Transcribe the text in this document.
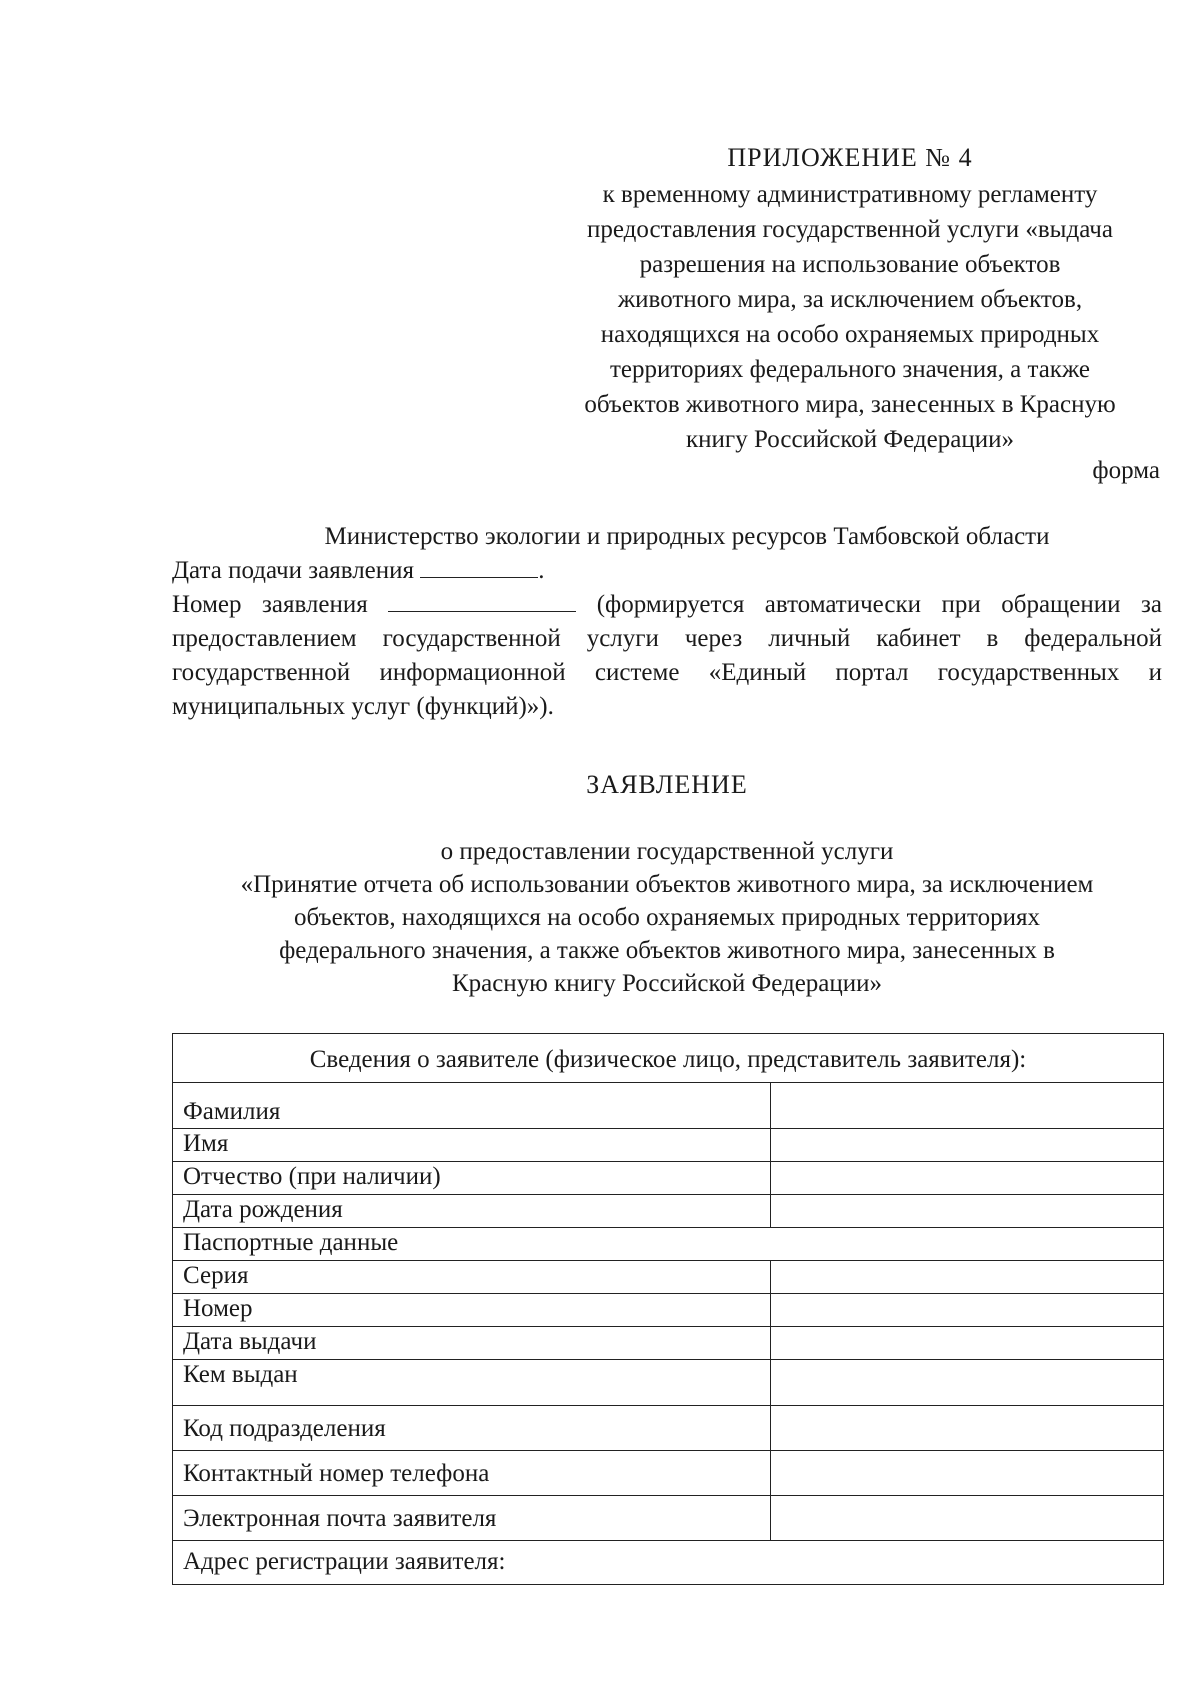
ПРИЛОЖЕНИЕ № 4
к временному административному регламенту
предоставления государственной услуги «выдача
разрешения на использование объектов
животного мира, за исключением объектов,
находящихся на особо охраняемых природных
территориях федерального значения, а также
объектов животного мира, занесенных в Красную
книгу Российской Федерации»
форма
Министерство экологии и природных ресурсов Тамбовской области
Дата подачи заявления	.
Номер заявления	(формируется автоматически при обращении за предоставлением государственной услуги через личный кабинет в федеральной государственной информационной системе «Единый портал государственных и муниципальных услуг (функций)»).
ЗАЯВЛЕНИЕ
о предоставлении государственной услуги
«Принятие отчета об использовании объектов животного мира, за исключением
объектов, находящихся на особо охраняемых природных территориях
федерального значения, а также объектов животного мира, занесенных в
Красную книгу Российской Федерации»
Сведения о заявителе (физическое лицо, представитель заявителя):	
Фамилия	
Имя	
Отчество (при наличии)	
Дата рождения	
Паспортные данные	
Серия	
Номер	
Дата выдачи	
Кем выдан	
Код подразделения	
Контактный номер телефона	
Электронная почта заявителя	
Адрес регистрации заявителя:	
